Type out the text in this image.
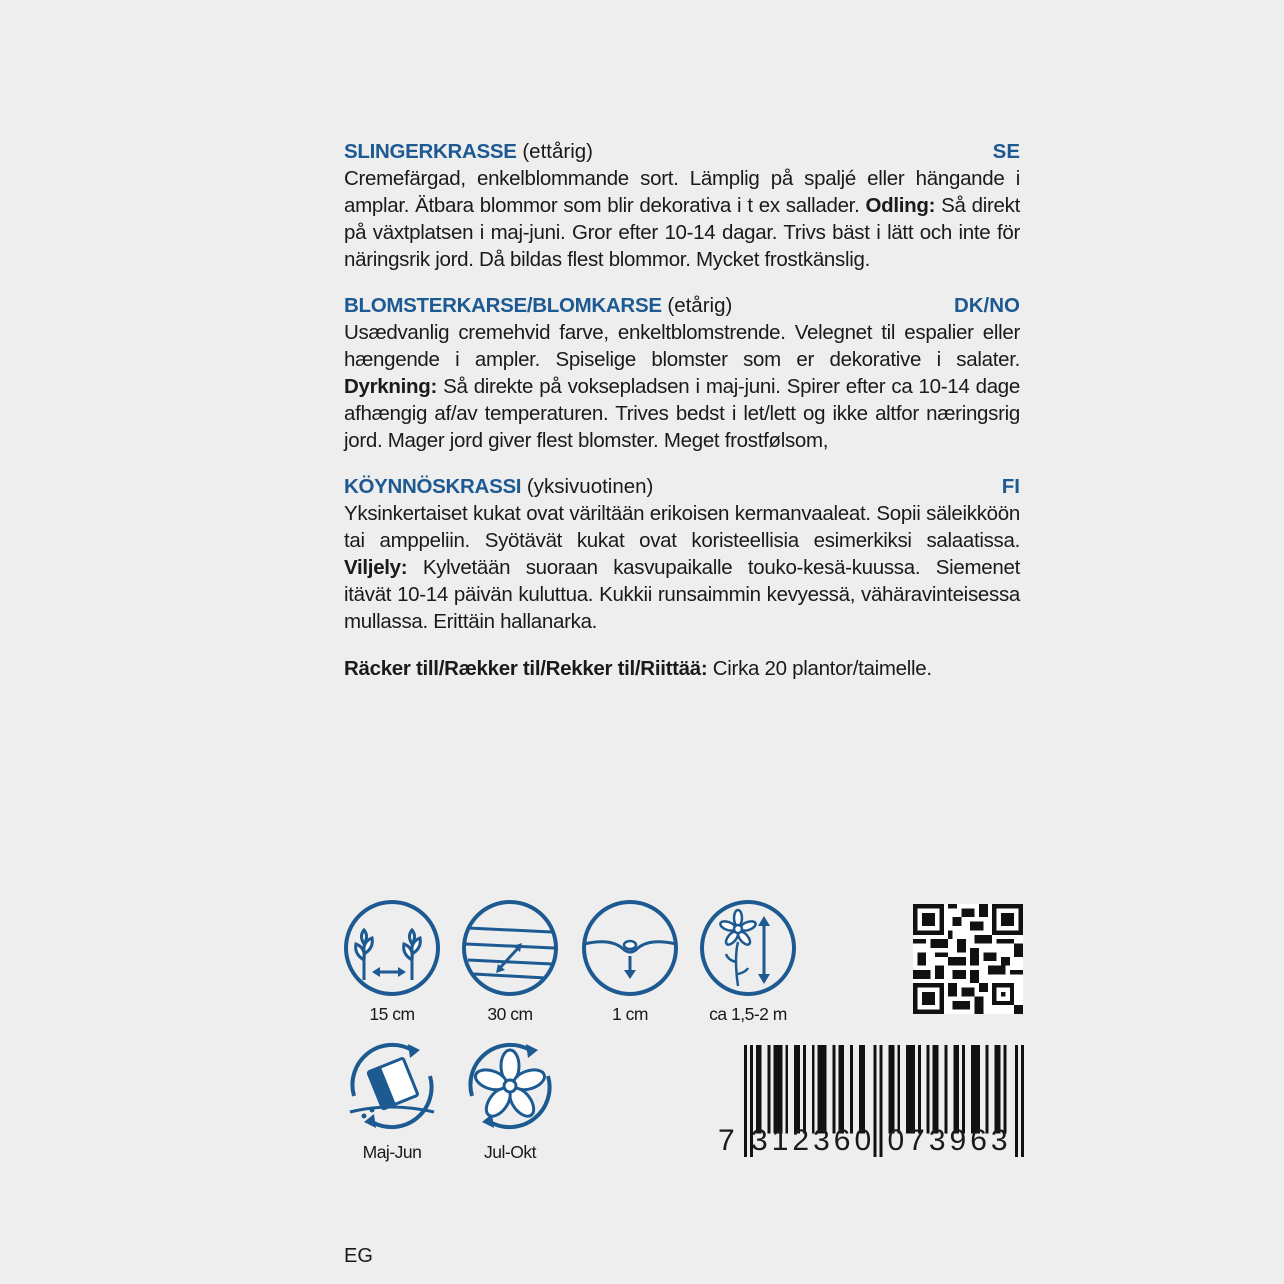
SLINGERKRASSE (ettårig)	SE
Cremefärgad, enkelblommande sort. Lämplig på spaljé eller hängande i amplar. Ätbara blommor som blir dekorativa i t ex sallader. Odling: Så direkt på växtplatsen i maj-juni. Gror efter 10-14 dagar. Trivs bäst i lätt och inte för näringsrik jord. Då bildas flest blommor. Mycket frostkänslig.
BLOMSTERKARSE/BLOMKARSE (etårig)	DK/NO
Usædvanlig cremehvid farve, enkeltblomstrende. Velegnet til espalier eller hængende i ampler. Spiselige blomster som er dekorative i salater. Dyrkning: Så direkte på voksepladsen i maj-juni. Spirer efter ca 10-14 dage afhængig af/av temperaturen. Trives bedst i let/lett og ikke altfor næringsrig jord. Mager jord giver flest blomster. Meget frostfølsom,
KÖYNNÖSKRASSI (yksivuotinen)	FI
Yksinkertaiset kukat ovat väriltään erikoisen kermanvaaleat. Sopii säleikköön tai amppeliin. Syötävät kukat ovat koristeellisia esimerkiksi salaatissa. Viljely: Kylvetään suoraan kasvupaikalle touko-kesä-kuussa. Siemenet itävät 10-14 päivän kuluttua. Kukkii runsaimmin kevyessä, vähäravinteisessa mullassa. Erittäin hallanarka.
Räcker till/Rækker til/Rekker til/Riittää: Cirka 20 plantor/taimelle.
15 cm	30 cm	1 cm	ca 1,5-2 m
Maj-Jun	Jul-Okt	7 312360 073963
EG
